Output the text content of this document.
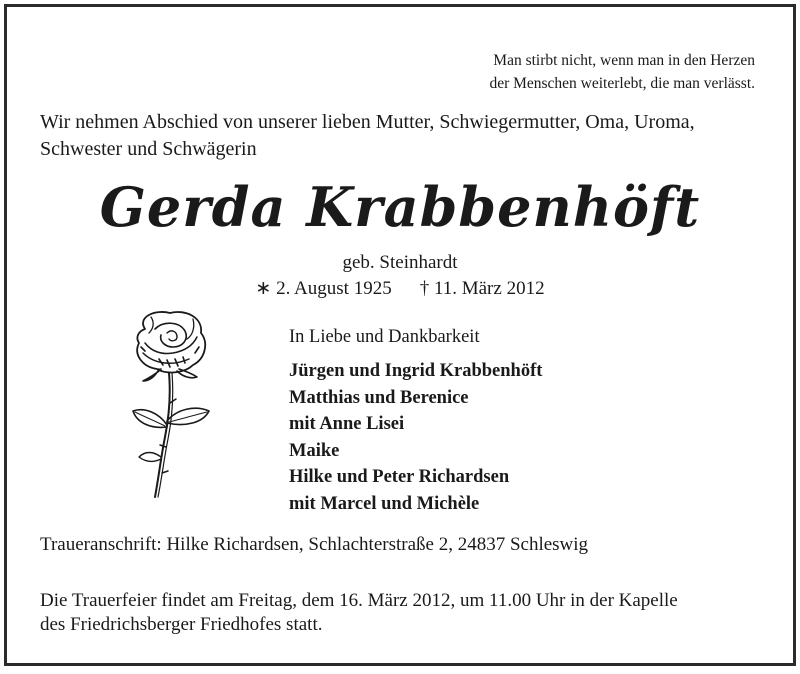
Man stirbt nicht, wenn man in den Herzen
der Menschen weiterlebt, die man verlässt.
Wir nehmen Abschied von unserer lieben Mutter, Schwiegermutter, Oma, Uroma,
Schwester und Schwägerin
Gerda Krabbenhöft
geb. Steinhardt
∗ 2. August 1925 † 11. März 2012
In Liebe und Dankbarkeit
Jürgen und Ingrid Krabbenhöft
Matthias und Berenice
mit Anne Lisei
Maike
Hilke und Peter Richardsen
mit Marcel und Michèle
Traueranschrift: Hilke Richardsen, Schlachterstraße 2, 24837 Schleswig
Die Trauerfeier findet am Freitag, dem 16. März 2012, um 11.00 Uhr in der Kapelle
des Friedrichsberger Friedhofes statt.
